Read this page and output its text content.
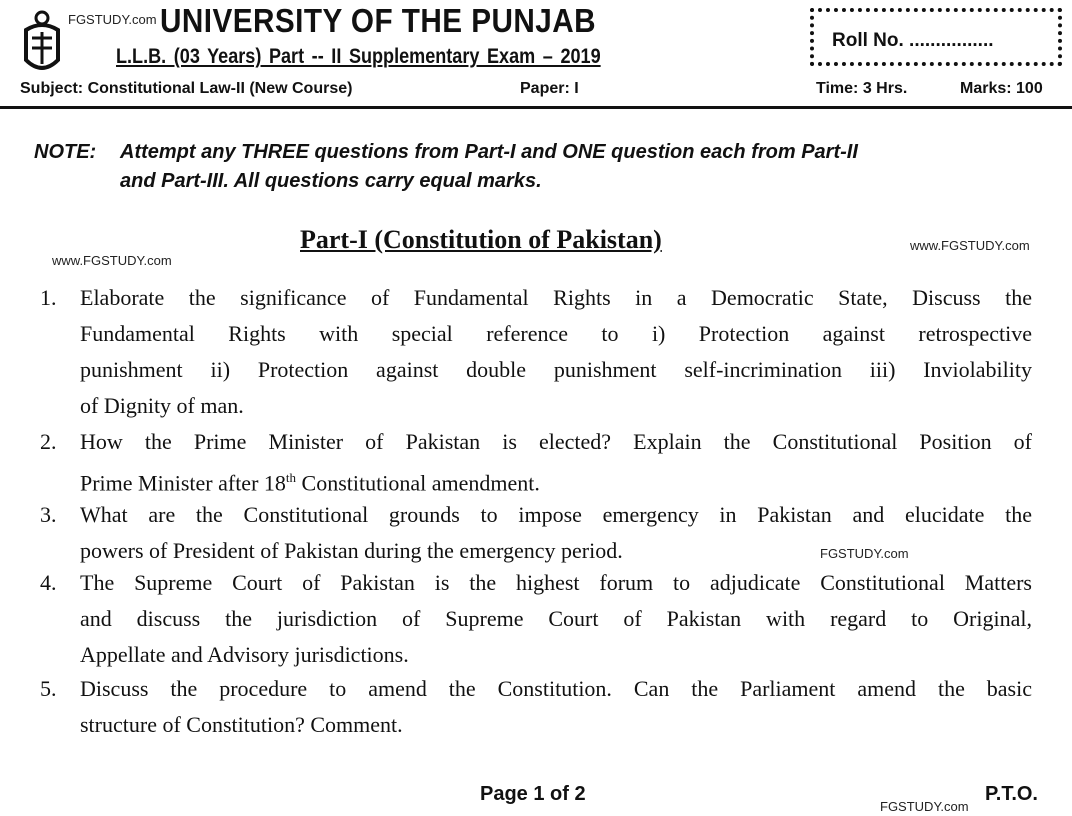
FGSTUDY.com UNIVERSITY OF THE PUNJAB
L.L.B. (03 Years) Part -- II Supplementary Exam – 2019
Roll No. ................
Subject: Constitutional Law-II (New Course)	Paper: I	Time: 3 Hrs.	Marks: 100
NOTE: Attempt any THREE questions from Part-I and ONE question each from Part-II
and Part-III. All questions carry equal marks.
Part-I (Constitution of Pakistan)	www.FGSTUDY.com
www.FGSTUDY.com
1. Elaborate the significance of Fundamental Rights in a Democratic State, Discuss the
Fundamental Rights with special reference to i) Protection against retrospective
punishment ii) Protection against double punishment self-incrimination iii) Inviolability
of Dignity of man.
2. How the Prime Minister of Pakistan is elected? Explain the Constitutional Position of
Prime Minister after 18th Constitutional amendment.
3. What are the Constitutional grounds to impose emergency in Pakistan and elucidate the
powers of President of Pakistan during the emergency period.
4. The Supreme Court of Pakistan is the highest forum to adjudicate Constitutional Matters
and discuss the jurisdiction of Supreme Court of Pakistan with regard to Original,
Appellate and Advisory jurisdictions.
5. Discuss the procedure to amend the Constitution. Can the Parliament amend the basic
structure of Constitution? Comment.
FGSTUDY.com
Page 1 of 2	P.T.O.
FGSTUDY.com
